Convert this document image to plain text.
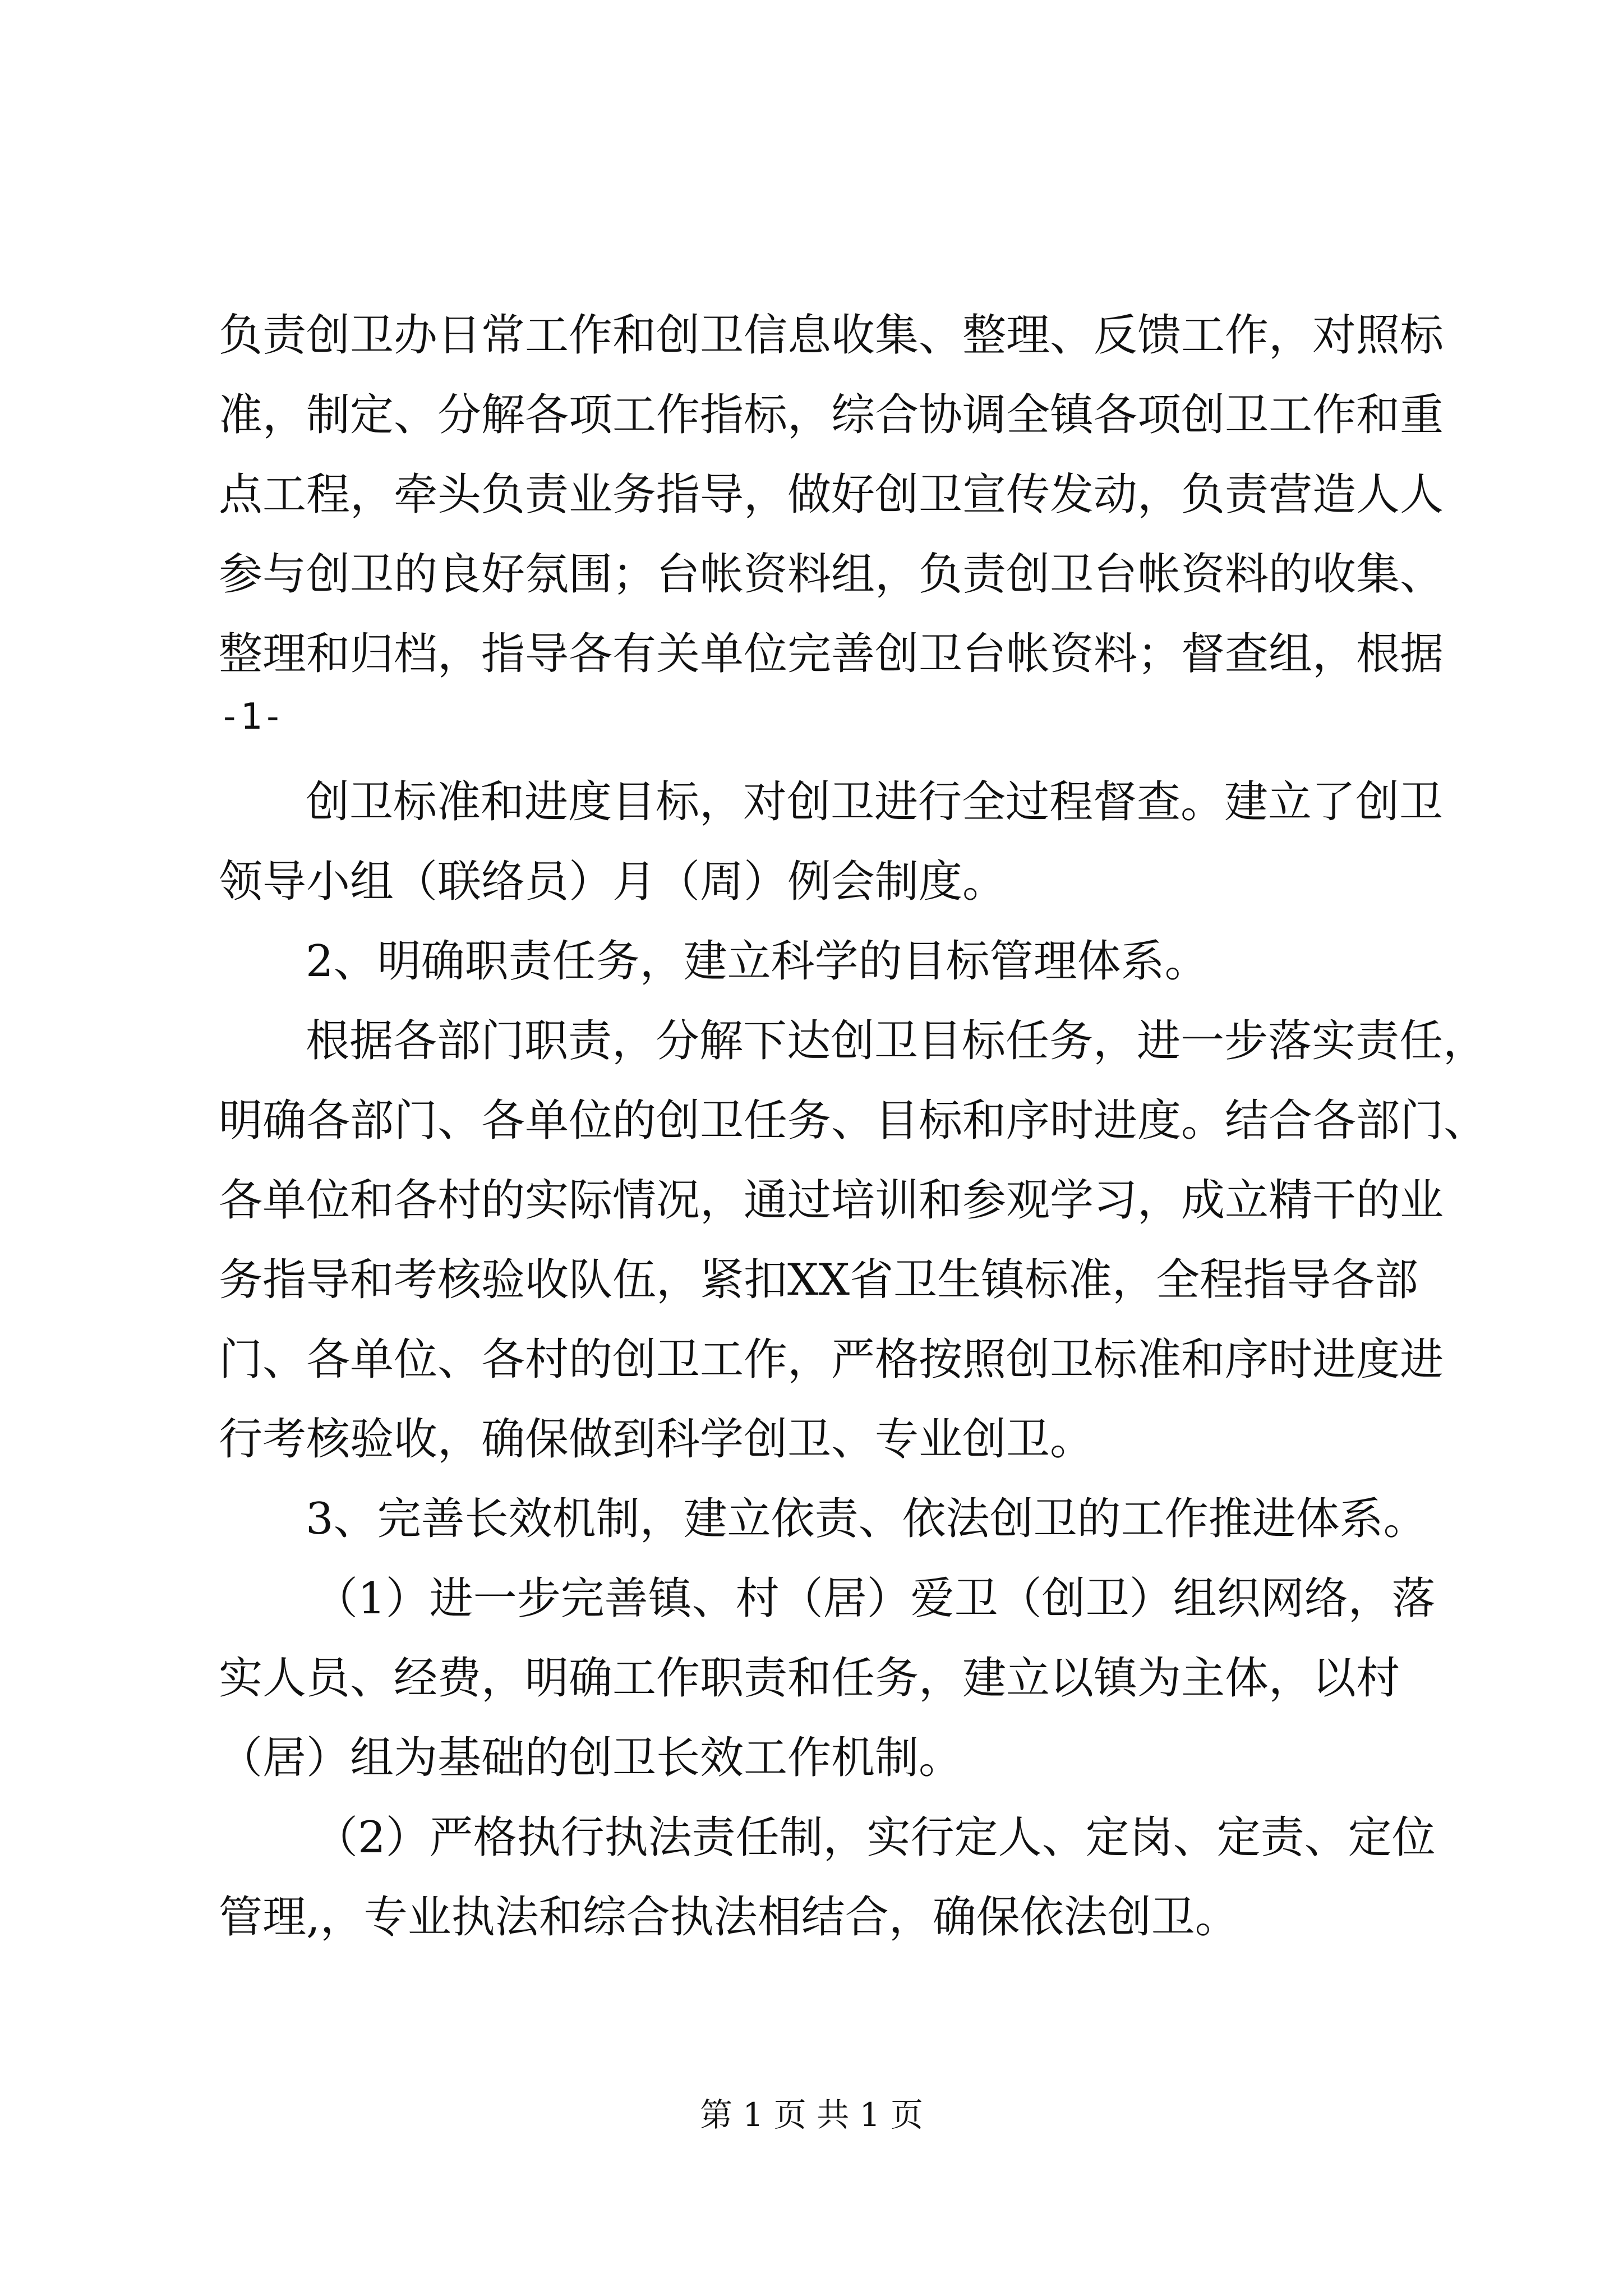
负责创卫办日常工作和创卫信息收集、整理、反馈工作，对照标
准，制定、分解各项工作指标，综合协调全镇各项创卫工作和重
点工程，牵头负责业务指导，做好创卫宣传发动，负责营造人人
参与创卫的良好氛围；台帐资料组，负责创卫台帐资料的收集、
整理和归档，指导各有关单位完善创卫台帐资料；督查组，根据
-1-
创卫标准和进度目标，对创卫进行全过程督查。建立了创卫
领导小组（联络员）月（周）例会制度。
2、明确职责任务，建立科学的目标管理体系。
根据各部门职责，分解下达创卫目标任务，进一步落实责任，
明确各部门、各单位的创卫任务、目标和序时进度。结合各部门、
各单位和各村的实际情况，通过培训和参观学习，成立精干的业
务指导和考核验收队伍，紧扣XX省卫生镇标准，全程指导各部
门、各单位、各村的创卫工作，严格按照创卫标准和序时进度进
行考核验收，确保做到科学创卫、专业创卫。
3、完善长效机制，建立依责、依法创卫的工作推进体系。
（1）进一步完善镇、村（居）爱卫（创卫）组织网络，落
实人员、经费，明确工作职责和任务，建立以镇为主体，以村
（居）组为基础的创卫长效工作机制。
（2）严格执行执法责任制，实行定人、定岗、定责、定位
管理,，专业执法和综合执法相结合，确保依法创卫。
第 1 页 共 1 页
